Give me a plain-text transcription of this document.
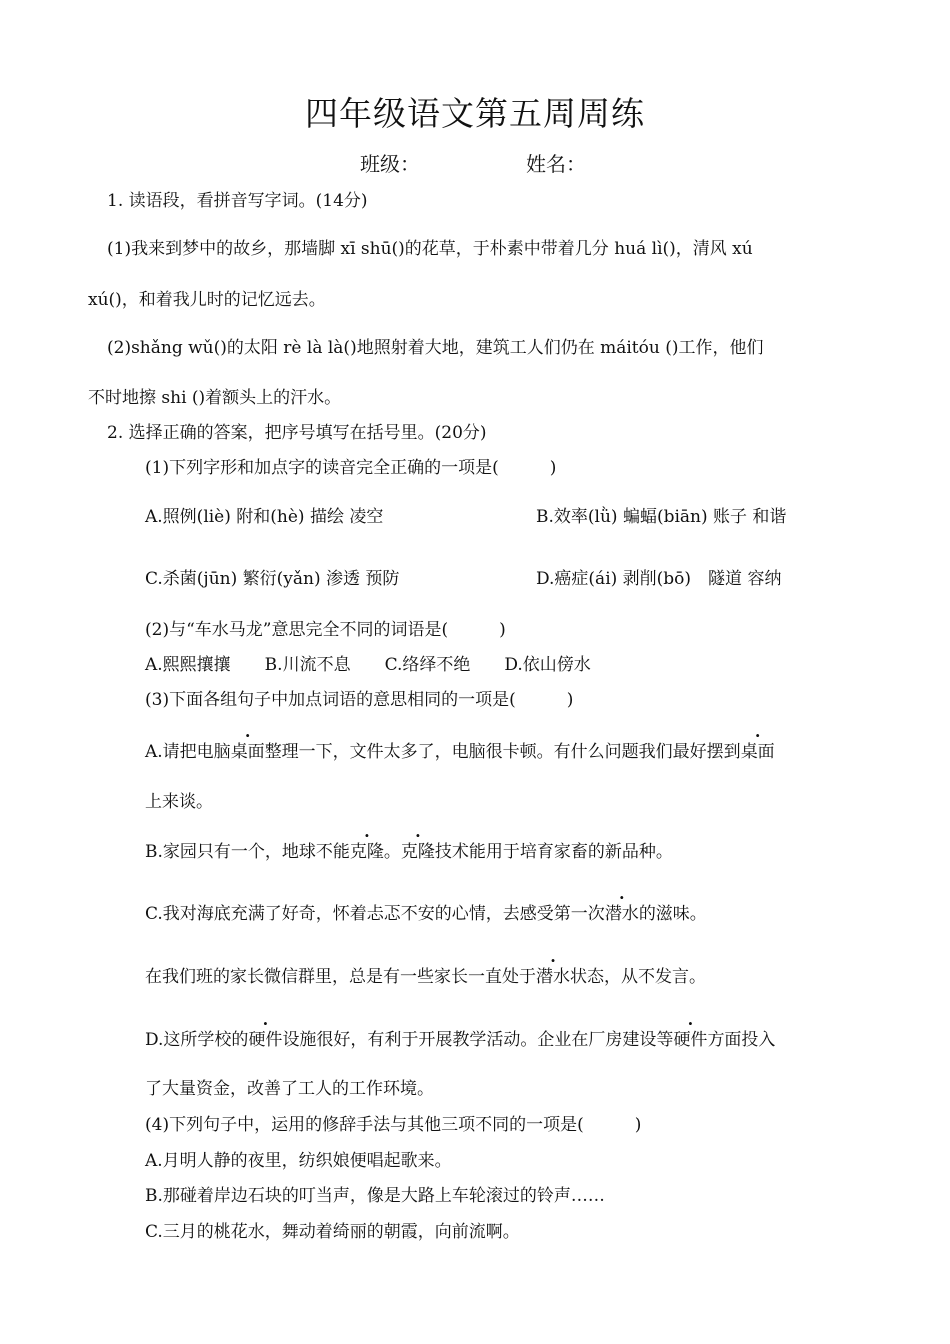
四年级语文第五周周练
班级：	姓名：
1. 读语段，看拼音写字词。(14分)
(1)我来到梦中的故乡，那墙脚 xī shū()的花草，于朴素中带着几分 huá lì()，清风 xú
xú()，和着我儿时的记忆远去。
(2)shǎng wǔ()的太阳 rè là là()地照射着大地，建筑工人们仍在 máitóu ()工作，他们
不时地擦 shi ()着额头上的汗水。
2. 选择正确的答案，把序号填写在括号里。(20分)
(1)下列字形和加点字的读音完全正确的一项是(　　　)
A.照例(liè) 附和(hè) 描绘 凌空	B.效率(lǜ) 蝙蝠(biān) 账子 和谐
C.杀菌(jūn) 繁衍(yǎn) 渗透 预防	D.癌症(ái) 剥削(bō)　隧道 容纳
(2)与“车水马龙”意思完全不同的词语是(　　　)
A.熙熙攘攘　　B.川流不息　　C.络绎不绝　　D.依山傍水
(3)下面各组句子中加点词语的意思相同的一项是(　　　)
A.请把电脑桌面整理一下，文件太多了，电脑很卡顿。有什么问题我们最好摆到桌面
上来谈。
B.家园只有一个，地球不能克隆。克隆技术能用于培育家畜的新品种。
C.我对海底充满了好奇，怀着忐忑不安的心情，去感受第一次潜水的滋味。
在我们班的家长微信群里，总是有一些家长一直处于潜水状态，从不发言。
D.这所学校的硬件设施很好，有利于开展教学活动。企业在厂房建设等硬件方面投入
了大量资金，改善了工人的工作环境。
(4)下列句子中，运用的修辞手法与其他三项不同的一项是(　　　)
A.月明人静的夜里，纺织娘便唱起歌来。
B.那碰着岸边石块的叮当声，像是大路上车轮滚过的铃声……
C.三月的桃花水，舞动着绮丽的朝霞，向前流啊。
